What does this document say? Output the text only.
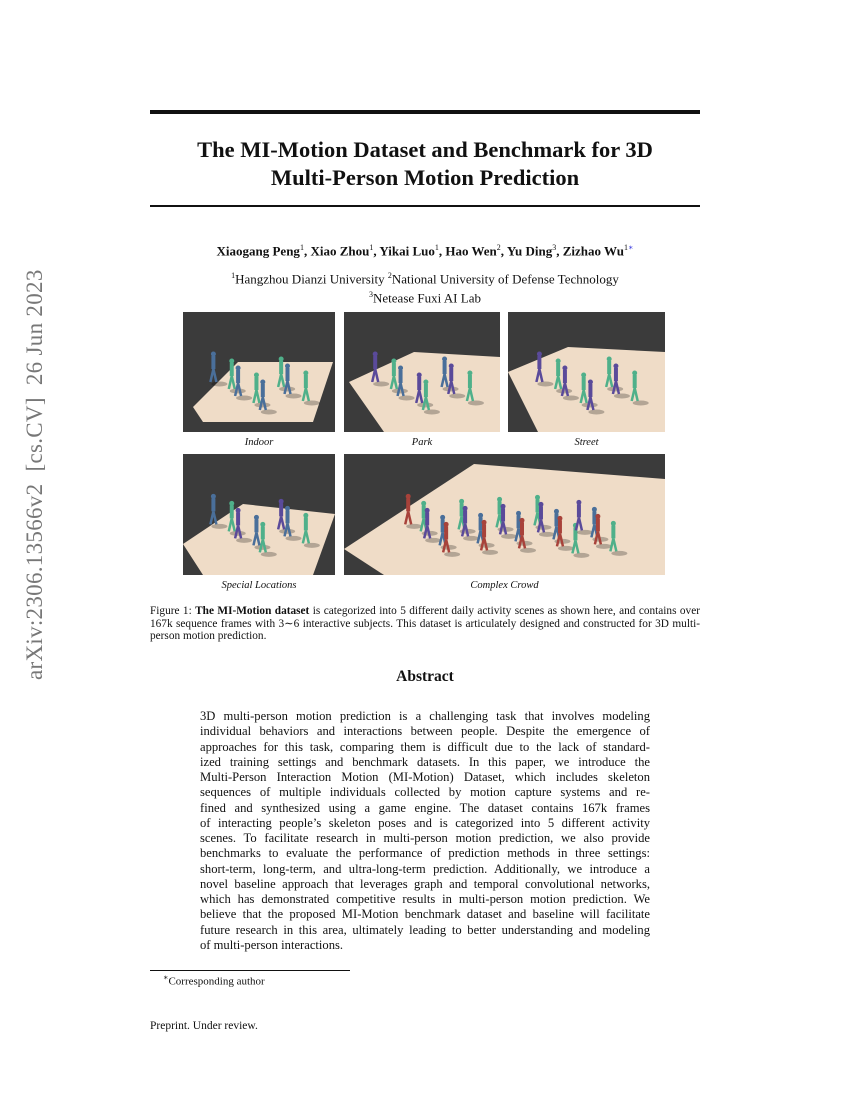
arXiv:2306.13566v2  [cs.CV]  26 Jun 2023
The MI-Motion Dataset and Benchmark for 3D
Multi-Person Motion Prediction
Xiaogang Peng$^1$, Xiao Zhou$^1$, Yikai Luo$^1$, Hao Wen$^2$, Yu Ding$^3$, Zizhao $Wu^{1∗}$
$^1$Hangzhou Dianzi University $^2$National University of Defense Technology
$^3$Netease Fuxi AI Lab
Indoor	Park	Street
Special Locations	Complex Crowd
Figure 1: The MI-Motion dataset is categorized into 5 different daily activity scenes as shown here, and contains over 167k sequence frames with 3∼6 interactive subjects. This dataset is articulately designed and constructed for 3D multi-person motion prediction.
Abstract
3D multi-person motion prediction is a challenging task that involves modeling
individual behaviors and interactions between people. Despite the emergence of
approaches for this task, comparing them is difficult due to the lack of standard-
ized training settings and benchmark datasets. In this paper, we introduce the
Multi-Person Interaction Motion (MI-Motion) Dataset, which includes skeleton
sequences of multiple individuals collected by motion capture systems and re-
fined and synthesized using a game engine. The dataset contains 167k frames
of interacting people’s skeleton poses and is categorized into 5 different activity
scenes. To facilitate research in multi-person motion prediction, we also provide
benchmarks to evaluate the performance of prediction methods in three settings:
short-term, long-term, and ultra-long-term prediction. Additionally, we introduce a
novel baseline approach that leverages graph and temporal convolutional networks,
which has demonstrated competitive results in multi-person motion prediction. We
believe that the proposed MI-Motion benchmark dataset and baseline will facilitate
future research in this area, ultimately leading to better understanding and modeling
of multi-person interactions.
∗Corresponding author
Preprint. Under review.
